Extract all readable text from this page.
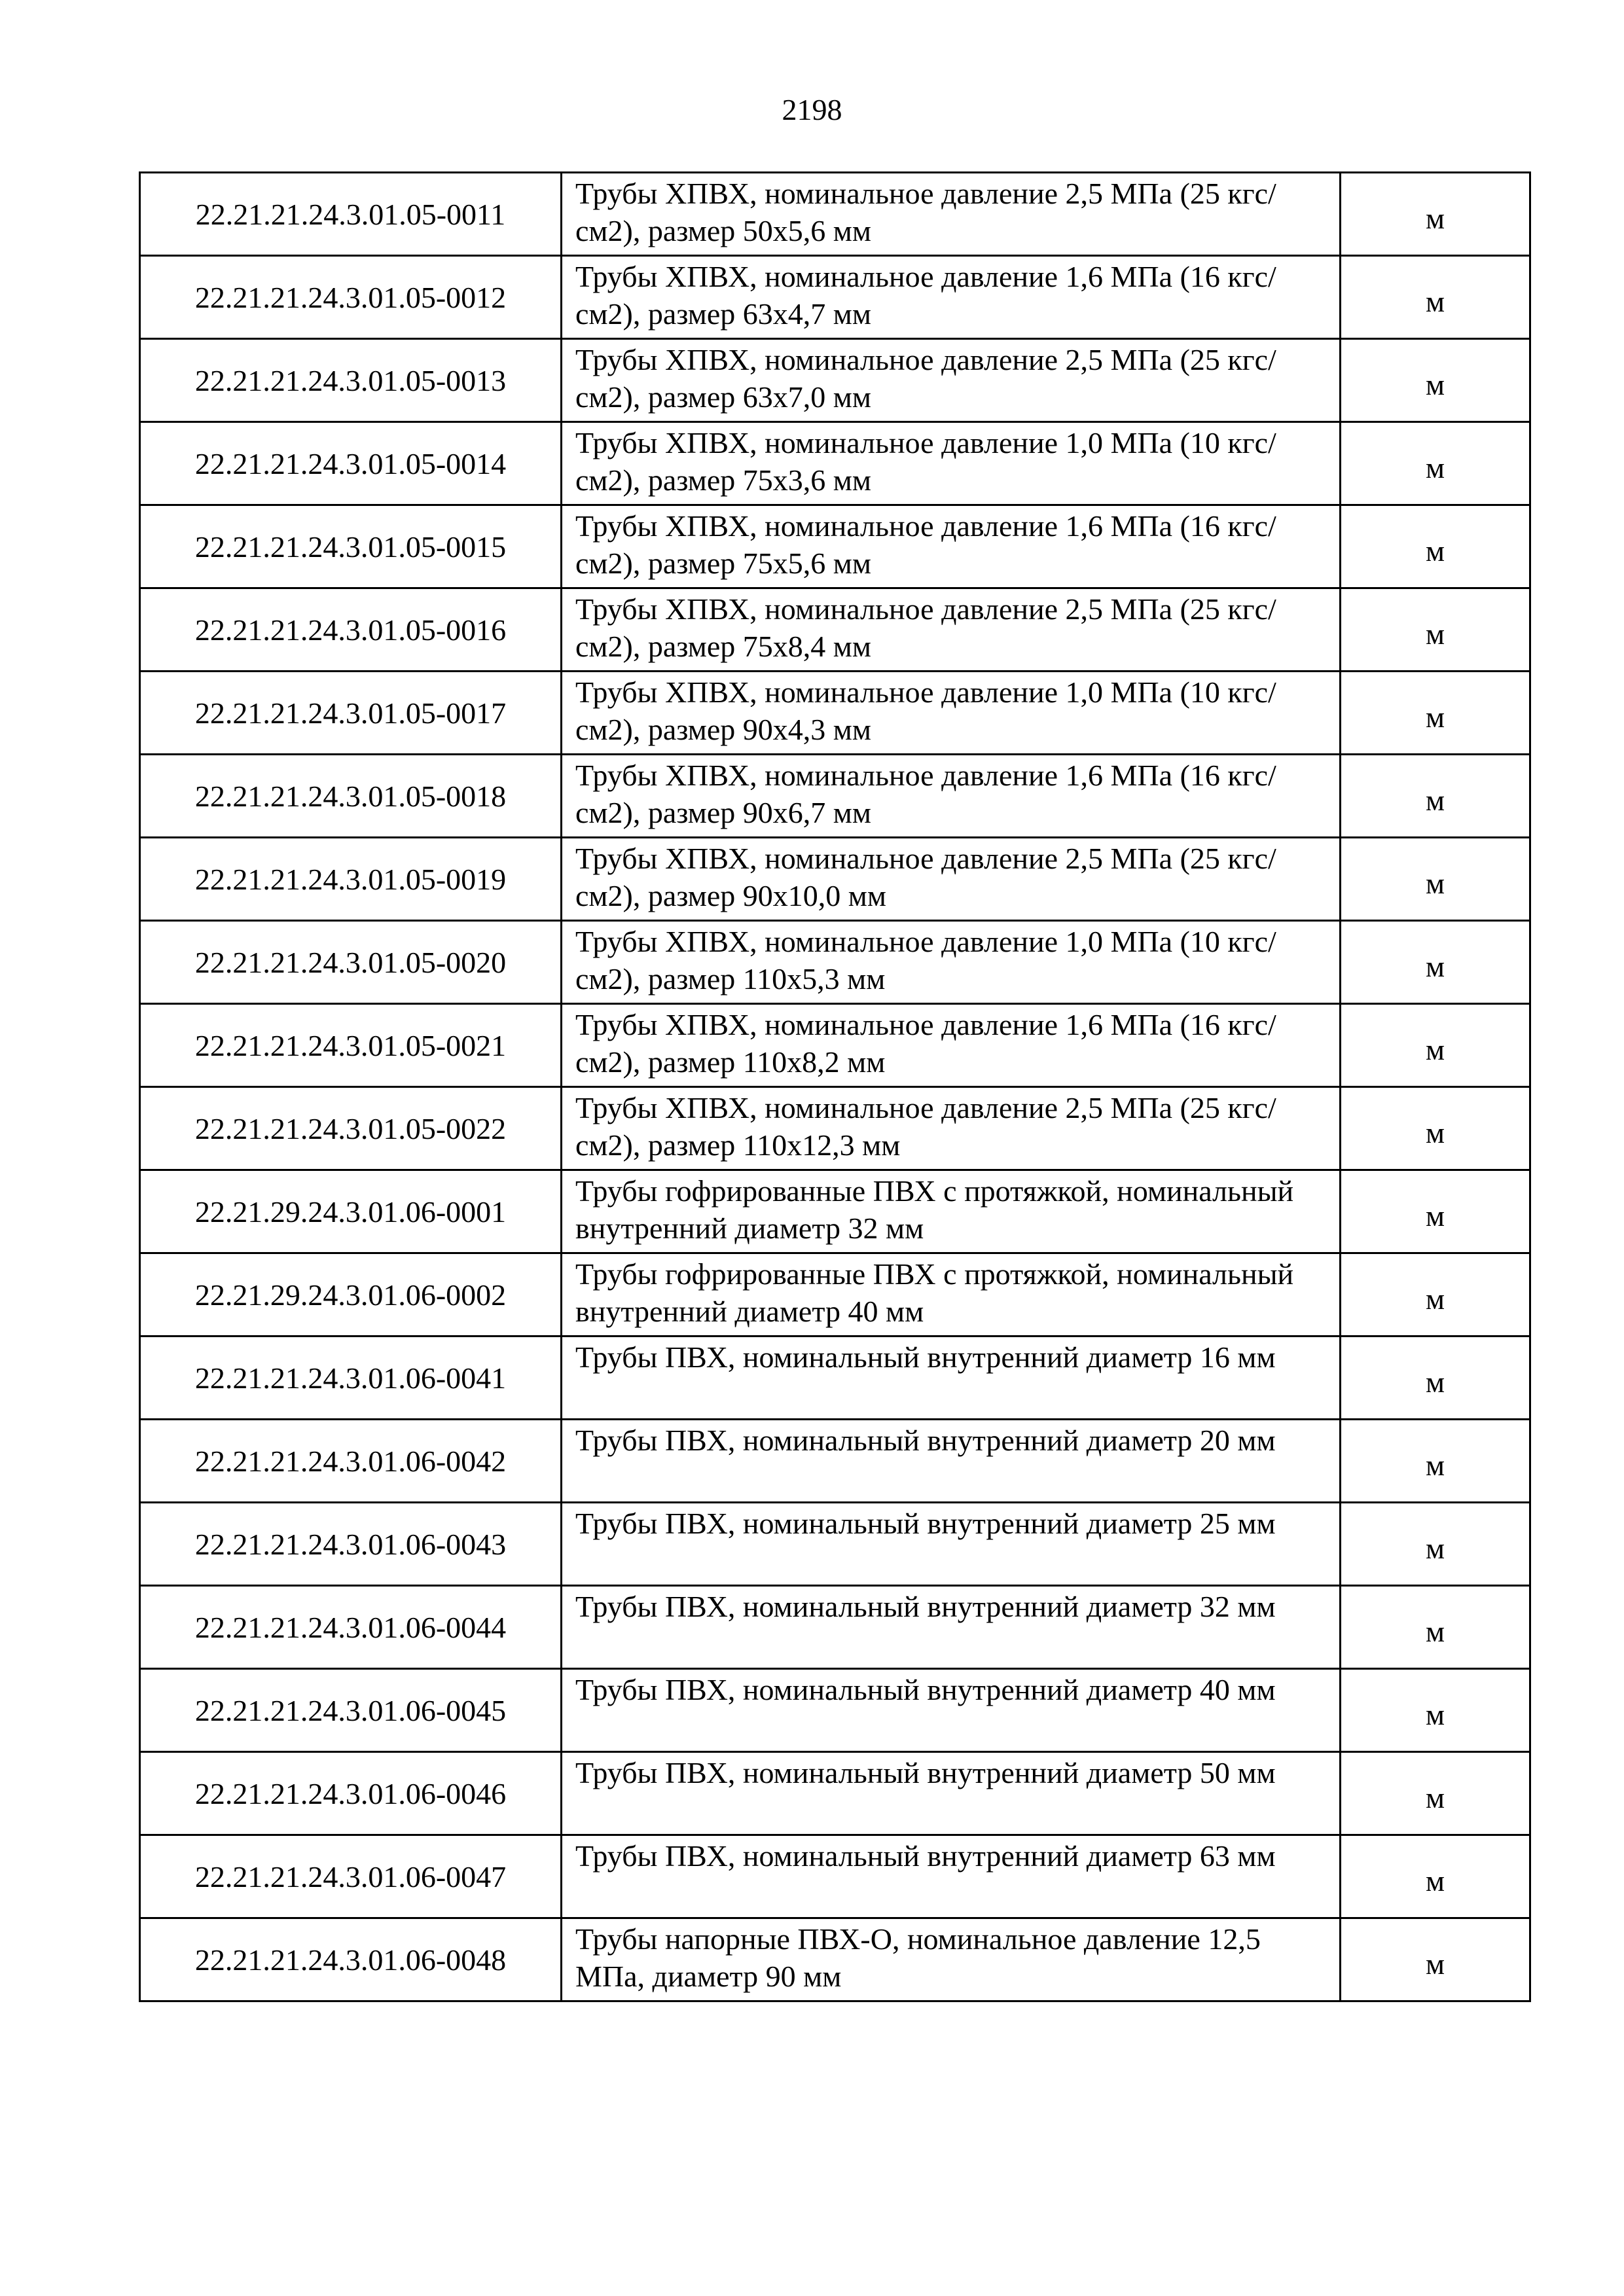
2198
22.21.21.24.3.01.05-0011	Трубы ХПВХ, номинальное давление 2,5 МПа (25 кгс/см2), размер 50х5,6 мм	м
22.21.21.24.3.01.05-0012	Трубы ХПВХ, номинальное давление 1,6 МПа (16 кгс/см2), размер 63х4,7 мм	м
22.21.21.24.3.01.05-0013	Трубы ХПВХ, номинальное давление 2,5 МПа (25 кгс/см2), размер 63х7,0 мм	м
22.21.21.24.3.01.05-0014	Трубы ХПВХ, номинальное давление 1,0 МПа (10 кгс/см2), размер 75х3,6 мм	м
22.21.21.24.3.01.05-0015	Трубы ХПВХ, номинальное давление 1,6 МПа (16 кгс/см2), размер 75х5,6 мм	м
22.21.21.24.3.01.05-0016	Трубы ХПВХ, номинальное давление 2,5 МПа (25 кгс/см2), размер 75х8,4 мм	м
22.21.21.24.3.01.05-0017	Трубы ХПВХ, номинальное давление 1,0 МПа (10 кгс/см2), размер 90х4,3 мм	м
22.21.21.24.3.01.05-0018	Трубы ХПВХ, номинальное давление 1,6 МПа (16 кгс/см2), размер 90х6,7 мм	м
22.21.21.24.3.01.05-0019	Трубы ХПВХ, номинальное давление 2,5 МПа (25 кгс/см2), размер 90х10,0 мм	м
22.21.21.24.3.01.05-0020	Трубы ХПВХ, номинальное давление 1,0 МПа (10 кгс/см2), размер 110х5,3 мм	м
22.21.21.24.3.01.05-0021	Трубы ХПВХ, номинальное давление 1,6 МПа (16 кгс/см2), размер 110х8,2 мм	м
22.21.21.24.3.01.05-0022	Трубы ХПВХ, номинальное давление 2,5 МПа (25 кгс/см2), размер 110х12,3 мм	м
22.21.29.24.3.01.06-0001	Трубы гофрированные ПВХ с протяжкой, номинальный внутренний диаметр 32 мм	м
22.21.29.24.3.01.06-0002	Трубы гофрированные ПВХ с протяжкой, номинальный внутренний диаметр 40 мм	м
22.21.21.24.3.01.06-0041	Трубы ПВХ, номинальный внутренний диаметр 16 мм	м
22.21.21.24.3.01.06-0042	Трубы ПВХ, номинальный внутренний диаметр 20 мм	м
22.21.21.24.3.01.06-0043	Трубы ПВХ, номинальный внутренний диаметр 25 мм	м
22.21.21.24.3.01.06-0044	Трубы ПВХ, номинальный внутренний диаметр 32 мм	м
22.21.21.24.3.01.06-0045	Трубы ПВХ, номинальный внутренний диаметр 40 мм	м
22.21.21.24.3.01.06-0046	Трубы ПВХ, номинальный внутренний диаметр 50 мм	м
22.21.21.24.3.01.06-0047	Трубы ПВХ, номинальный внутренний диаметр 63 мм	м
22.21.21.24.3.01.06-0048	Трубы напорные ПВХ-О, номинальное давление 12,5 МПа, диаметр 90 мм	м
